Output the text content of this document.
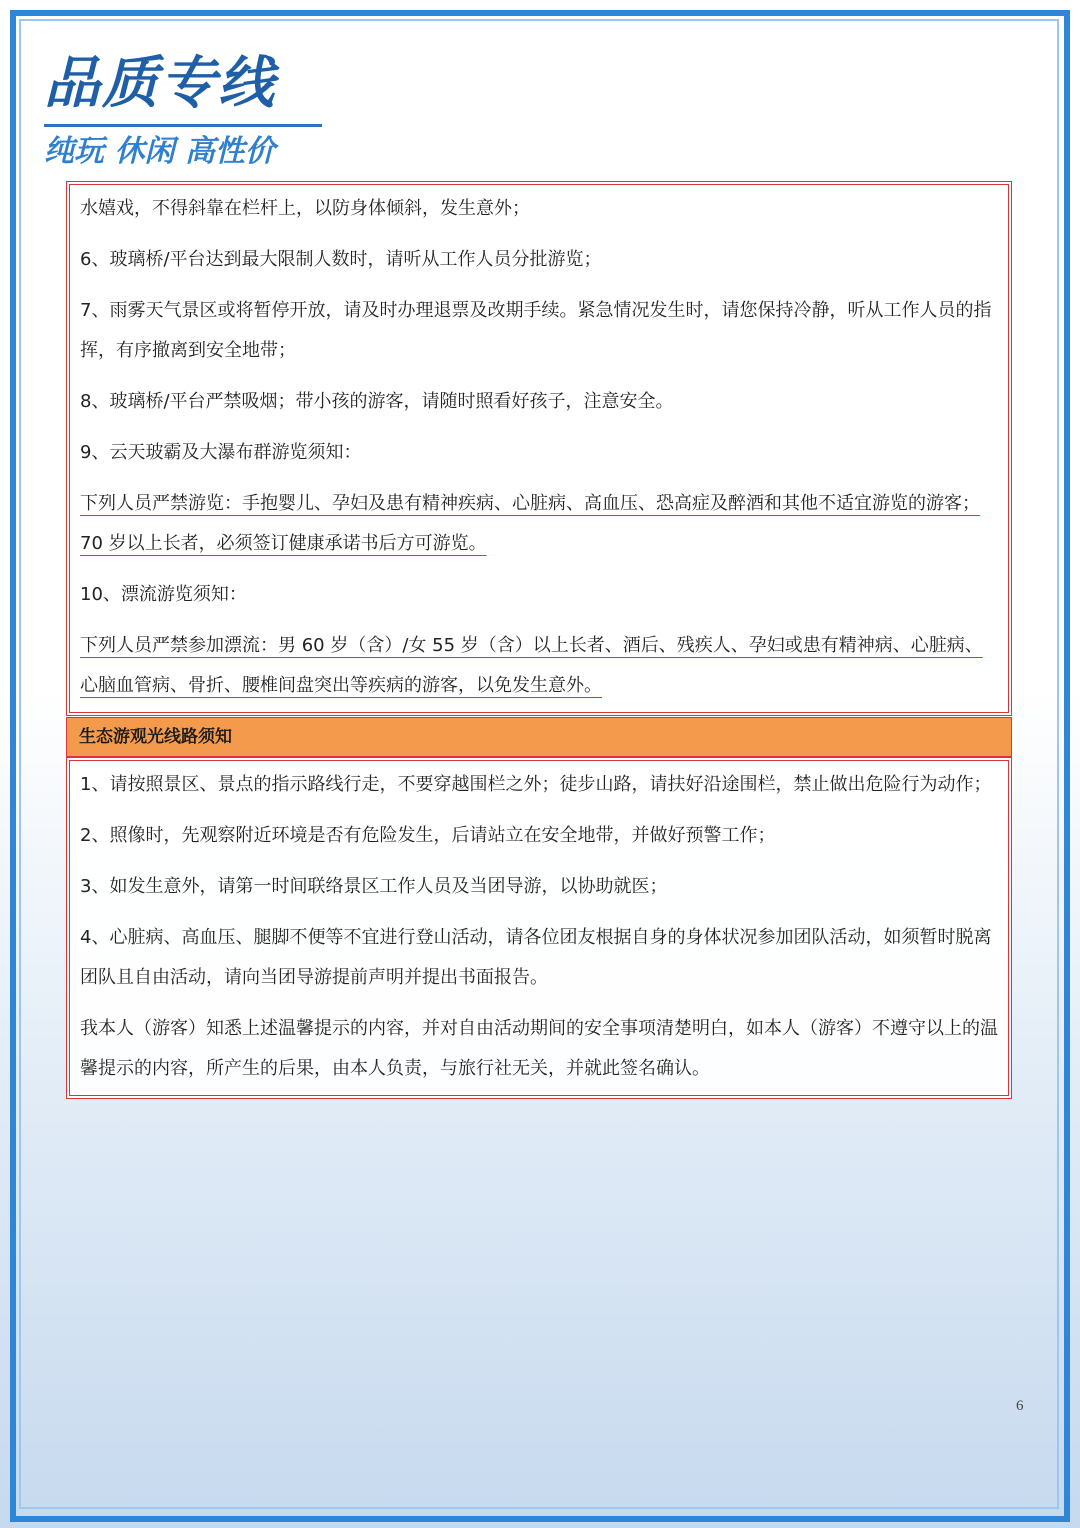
品质专线
纯玩 休闲 高性价

水嬉戏，不得斜靠在栏杆上，以防身体倾斜，发生意外；

6、玻璃桥/平台达到最大限制人数时，请听从工作人员分批游览；

7、雨雾天气景区或将暂停开放，请及时办理退票及改期手续。紧急情况发生时，请您保持冷静，听从工作人员的指挥，有序撤离到安全地带；

8、玻璃桥/平台严禁吸烟；带小孩的游客，请随时照看好孩子，注意安全。

9、云天玻霸及大瀑布群游览须知：

下列人员严禁游览：手抱婴儿、孕妇及患有精神疾病、心脏病、高血压、恐高症及醉酒和其他不适宜游览的游客；70 岁以上长者，必须签订健康承诺书后方可游览。

10、漂流游览须知：

下列人员严禁参加漂流：男 60 岁（含）/女 55 岁（含）以上长者、酒后、残疾人、孕妇或患有精神病、心脏病、心脑血管病、骨折、腰椎间盘突出等疾病的游客，以免发生意外。

生态游观光线路须知

1、请按照景区、景点的指示路线行走，不要穿越围栏之外；徒步山路，请扶好沿途围栏，禁止做出危险行为动作；

2、照像时，先观察附近环境是否有危险发生，后请站立在安全地带，并做好预警工作；

3、如发生意外，请第一时间联络景区工作人员及当团导游，以协助就医；

4、心脏病、高血压、腿脚不便等不宜进行登山活动，请各位团友根据自身的身体状况参加团队活动，如须暂时脱离团队且自由活动，请向当团导游提前声明并提出书面报告。

我本人（游客）知悉上述温馨提示的内容，并对自由活动期间的安全事项清楚明白，如本人（游客）不遵守以上的温馨提示的内容，所产生的后果，由本人负责，与旅行社无关，并就此签名确认。

6
